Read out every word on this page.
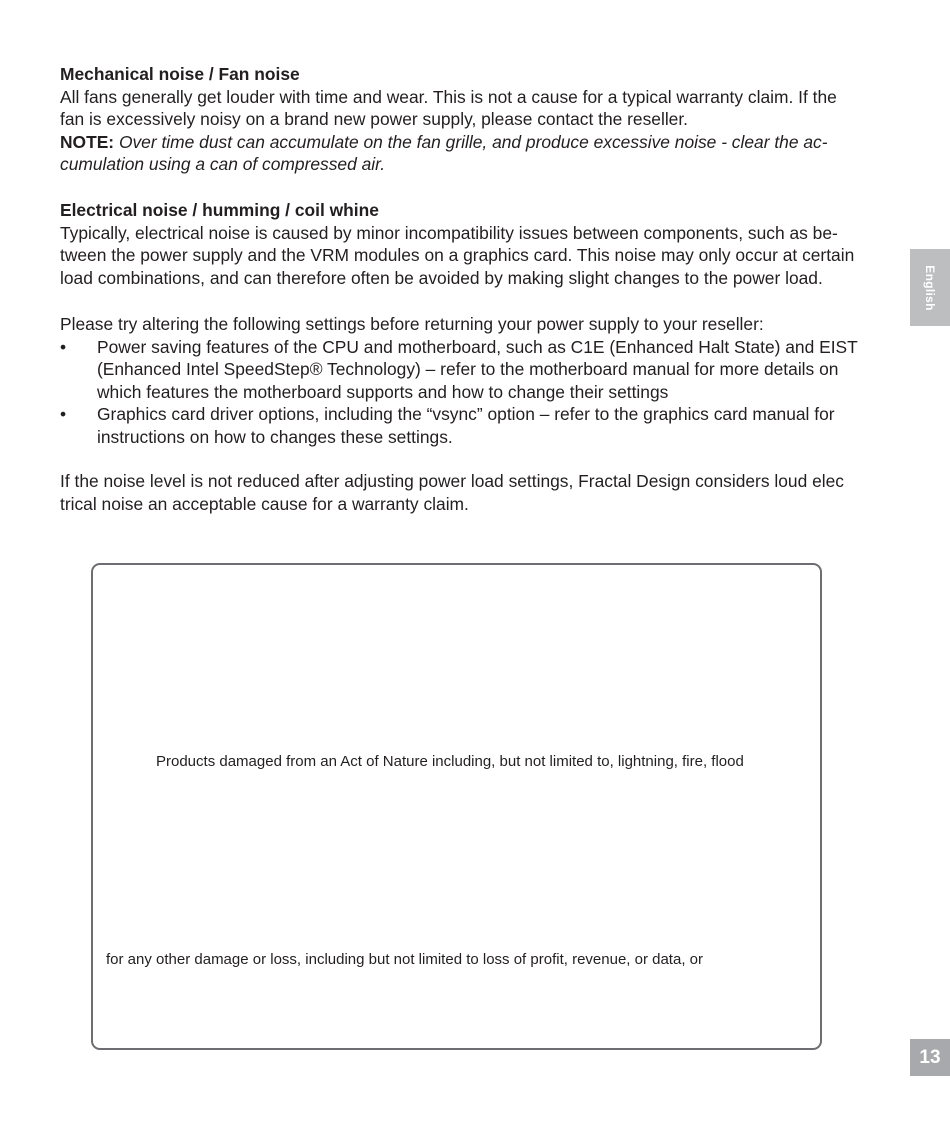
Mechanical noise / Fan noise

All fans generally get louder with time and wear. This is not a cause for a typical warranty claim. If the
fan is excessively noisy on a brand new power supply, please contact the reseller.

NOTE: Over time dust can accumulate on the fan grille, and produce excessive noise - clear the ac-
cumulation using a can of compressed air.

Electrical noise / humming / coil whine

Typically, electrical noise is caused by minor incompatibility issues between components, such as be-
tween the power supply and the VRM modules on a graphics card. This noise may only occur at certain
load combinations, and can therefore often be avoided by making slight changes to the power load.

Please try altering the following settings before returning your power supply to your reseller:

• Power saving features of the CPU and motherboard, such as C1E (Enhanced Halt State) and EIST
(Enhanced Intel SpeedStep® Technology) – refer to the motherboard manual for more details on
which features the motherboard supports and how to change their settings
• Graphics card driver options, including the “vsync” option – refer to the graphics card manual for
instructions on how to changes these settings.

If the noise level is not reduced after adjusting power load settings, Fractal Design considers loud elec
trical noise an acceptable cause for a warranty claim.

English
Products damaged from an Act of Nature including, but not limited to, lightning, fire, flood
for any other damage or loss, including but not limited to loss of profit, revenue, or data, or
13
